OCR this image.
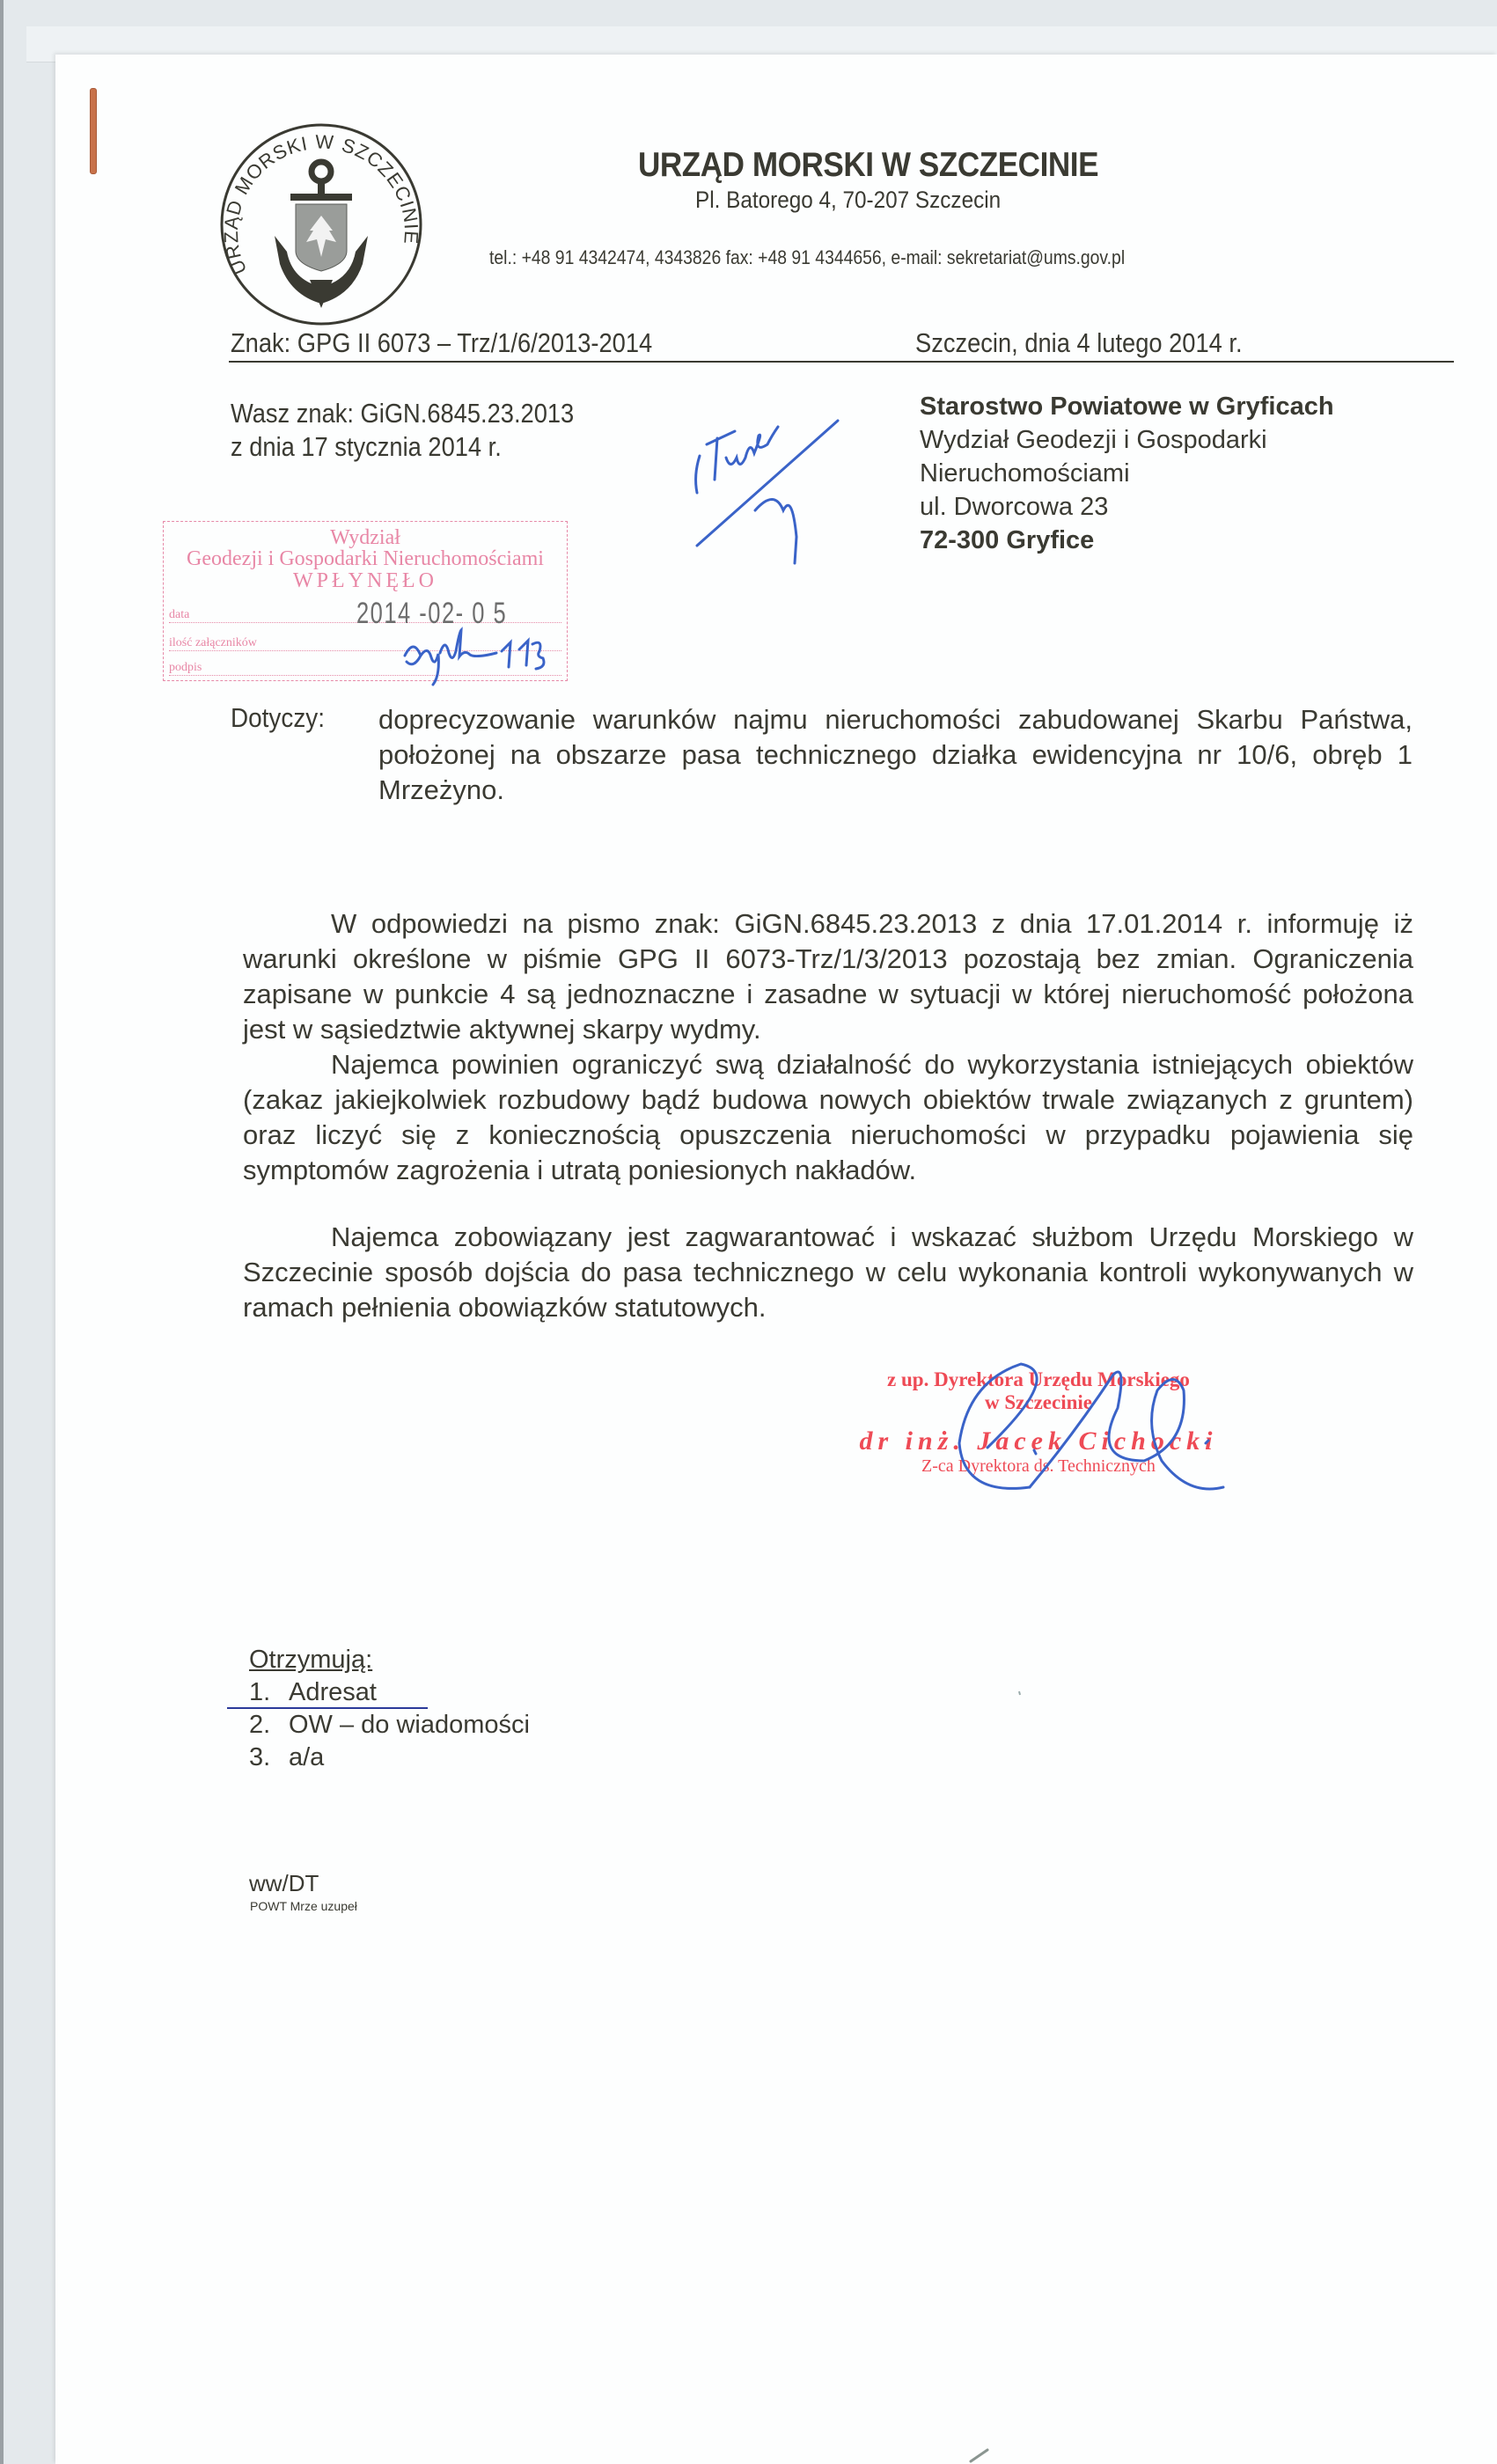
URZĄD MORSKI W SZCZECINIE
URZĄD MORSKI W SZCZECINIE
Pl. Batorego 4, 70-207 Szczecin
tel.: +48 91 4342474, 4343826 fax: +48 91 4344656, e-mail: sekretariat@ums.gov.pl
Znak: GPG II 6073 – Trz/1/6/2013-2014	Szczecin, dnia 4 lutego 2014 r.
Wasz znak: GiGN.6845.23.2013
z dnia 17 stycznia 2014 r.
Starostwo Powiatowe w Gryficach
Wydział Geodezji i Gospodarki
Nieruchomościami
ul. Dworcowa 23
72-300 Gryfice
Wydział
Geodezji i Gospodarki Nieruchomościami
WPŁYNĘŁO
data
ilość załączników
podpis
2014 -02- 0 5
Dotyczy: doprecyzowanie warunków najmu nieruchomości zabudowanej Skarbu Państwa, położonej na obszarze pasa technicznego działka ewidencyjna nr 10/6, obręb 1 Mrzeżyno.

W odpowiedzi na pismo znak: GiGN.6845.23.2013 z dnia 17.01.2014 r. informuję iż warunki określone w piśmie GPG II 6073-Trz/1/3/2013 pozostają bez zmian. Ograniczenia zapisane w punkcie 4 są jednoznaczne i zasadne w sytuacji w której nieruchomość położona jest w sąsiedztwie aktywnej skarpy wydmy.

Najemca powinien ograniczyć swą działalność do wykorzystania istniejących obiektów (zakaz jakiejkolwiek rozbudowy bądź budowa nowych obiektów trwale związanych z gruntem) oraz liczyć się z koniecznością opuszczenia nieruchomości w przypadku pojawienia się symptomów zagrożenia i utratą poniesionych nakładów.

Najemca zobowiązany jest zagwarantować i wskazać służbom Urzędu Morskiego w Szczecinie sposób dojścia do pasa technicznego w celu wykonania kontroli wykonywanych w ramach pełnienia obowiązków statutowych.

z up. Dyrektora Urzędu Morskiego
w Szczecinie
dr inż. Jacek Cichocki
Z-ca Dyrektora ds. Technicznych
Otrzymują:
1. Adresat
2. OW – do wiadomości
3. a/a
ww/DT
POWT Mrze uzupeł
